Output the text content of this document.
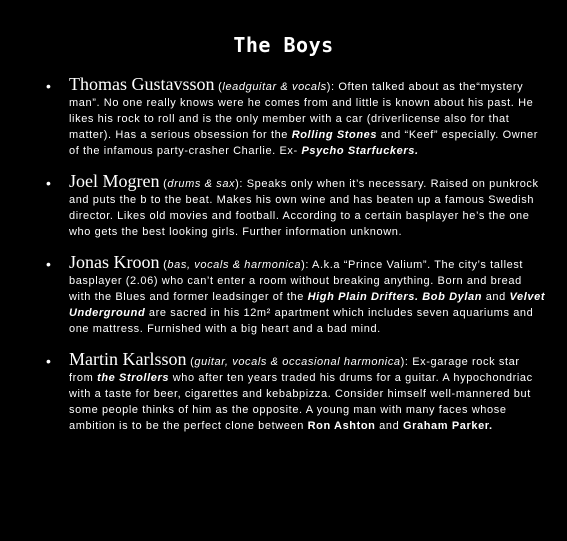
The Boys
• Thomas Gustavsson (leadguitar & vocals): Often talked about as the“mystery man”. No one really knows were he comes from and little is known about his past. He likes his rock to roll and is the only member with a car (driverlicense also for that matter). Has a serious obsession for the Rolling Stones and “Keef” especially. Owner of the infamous party-crasher Charlie. Ex- Psycho Starfuckers.
• Joel Mogren (drums & sax): Speaks only when it’s necessary. Raised on punkrock and puts the b to the beat. Makes his own wine and has beaten up a famous Swedish director. Likes old movies and football. According to a certain basplayer he’s the one who gets the best looking girls. Further information unknown.
• Jonas Kroon (bas, vocals & harmonica): A.k.a “Prince Valium”. The city’s tallest basplayer (2.06) who can’t enter a room without breaking anything. Born and bread with the Blues and former leadsinger of the High Plain Drifters. Bob Dylan and Velvet Underground are sacred in his 12m² apartment which includes seven aquariums and one mattress. Furnished with a big heart and a bad mind.
• Martin Karlsson (guitar, vocals & occasional harmonica): Ex-garage rock star from the Strollers who after ten years traded his drums for a guitar. A hypochondriac with a taste for beer, cigarettes and kebabpizza. Consider himself well-mannered but some people thinks of him as the opposite. A young man with many faces whose ambition is to be the perfect clone between Ron Ashton and Graham Parker.
